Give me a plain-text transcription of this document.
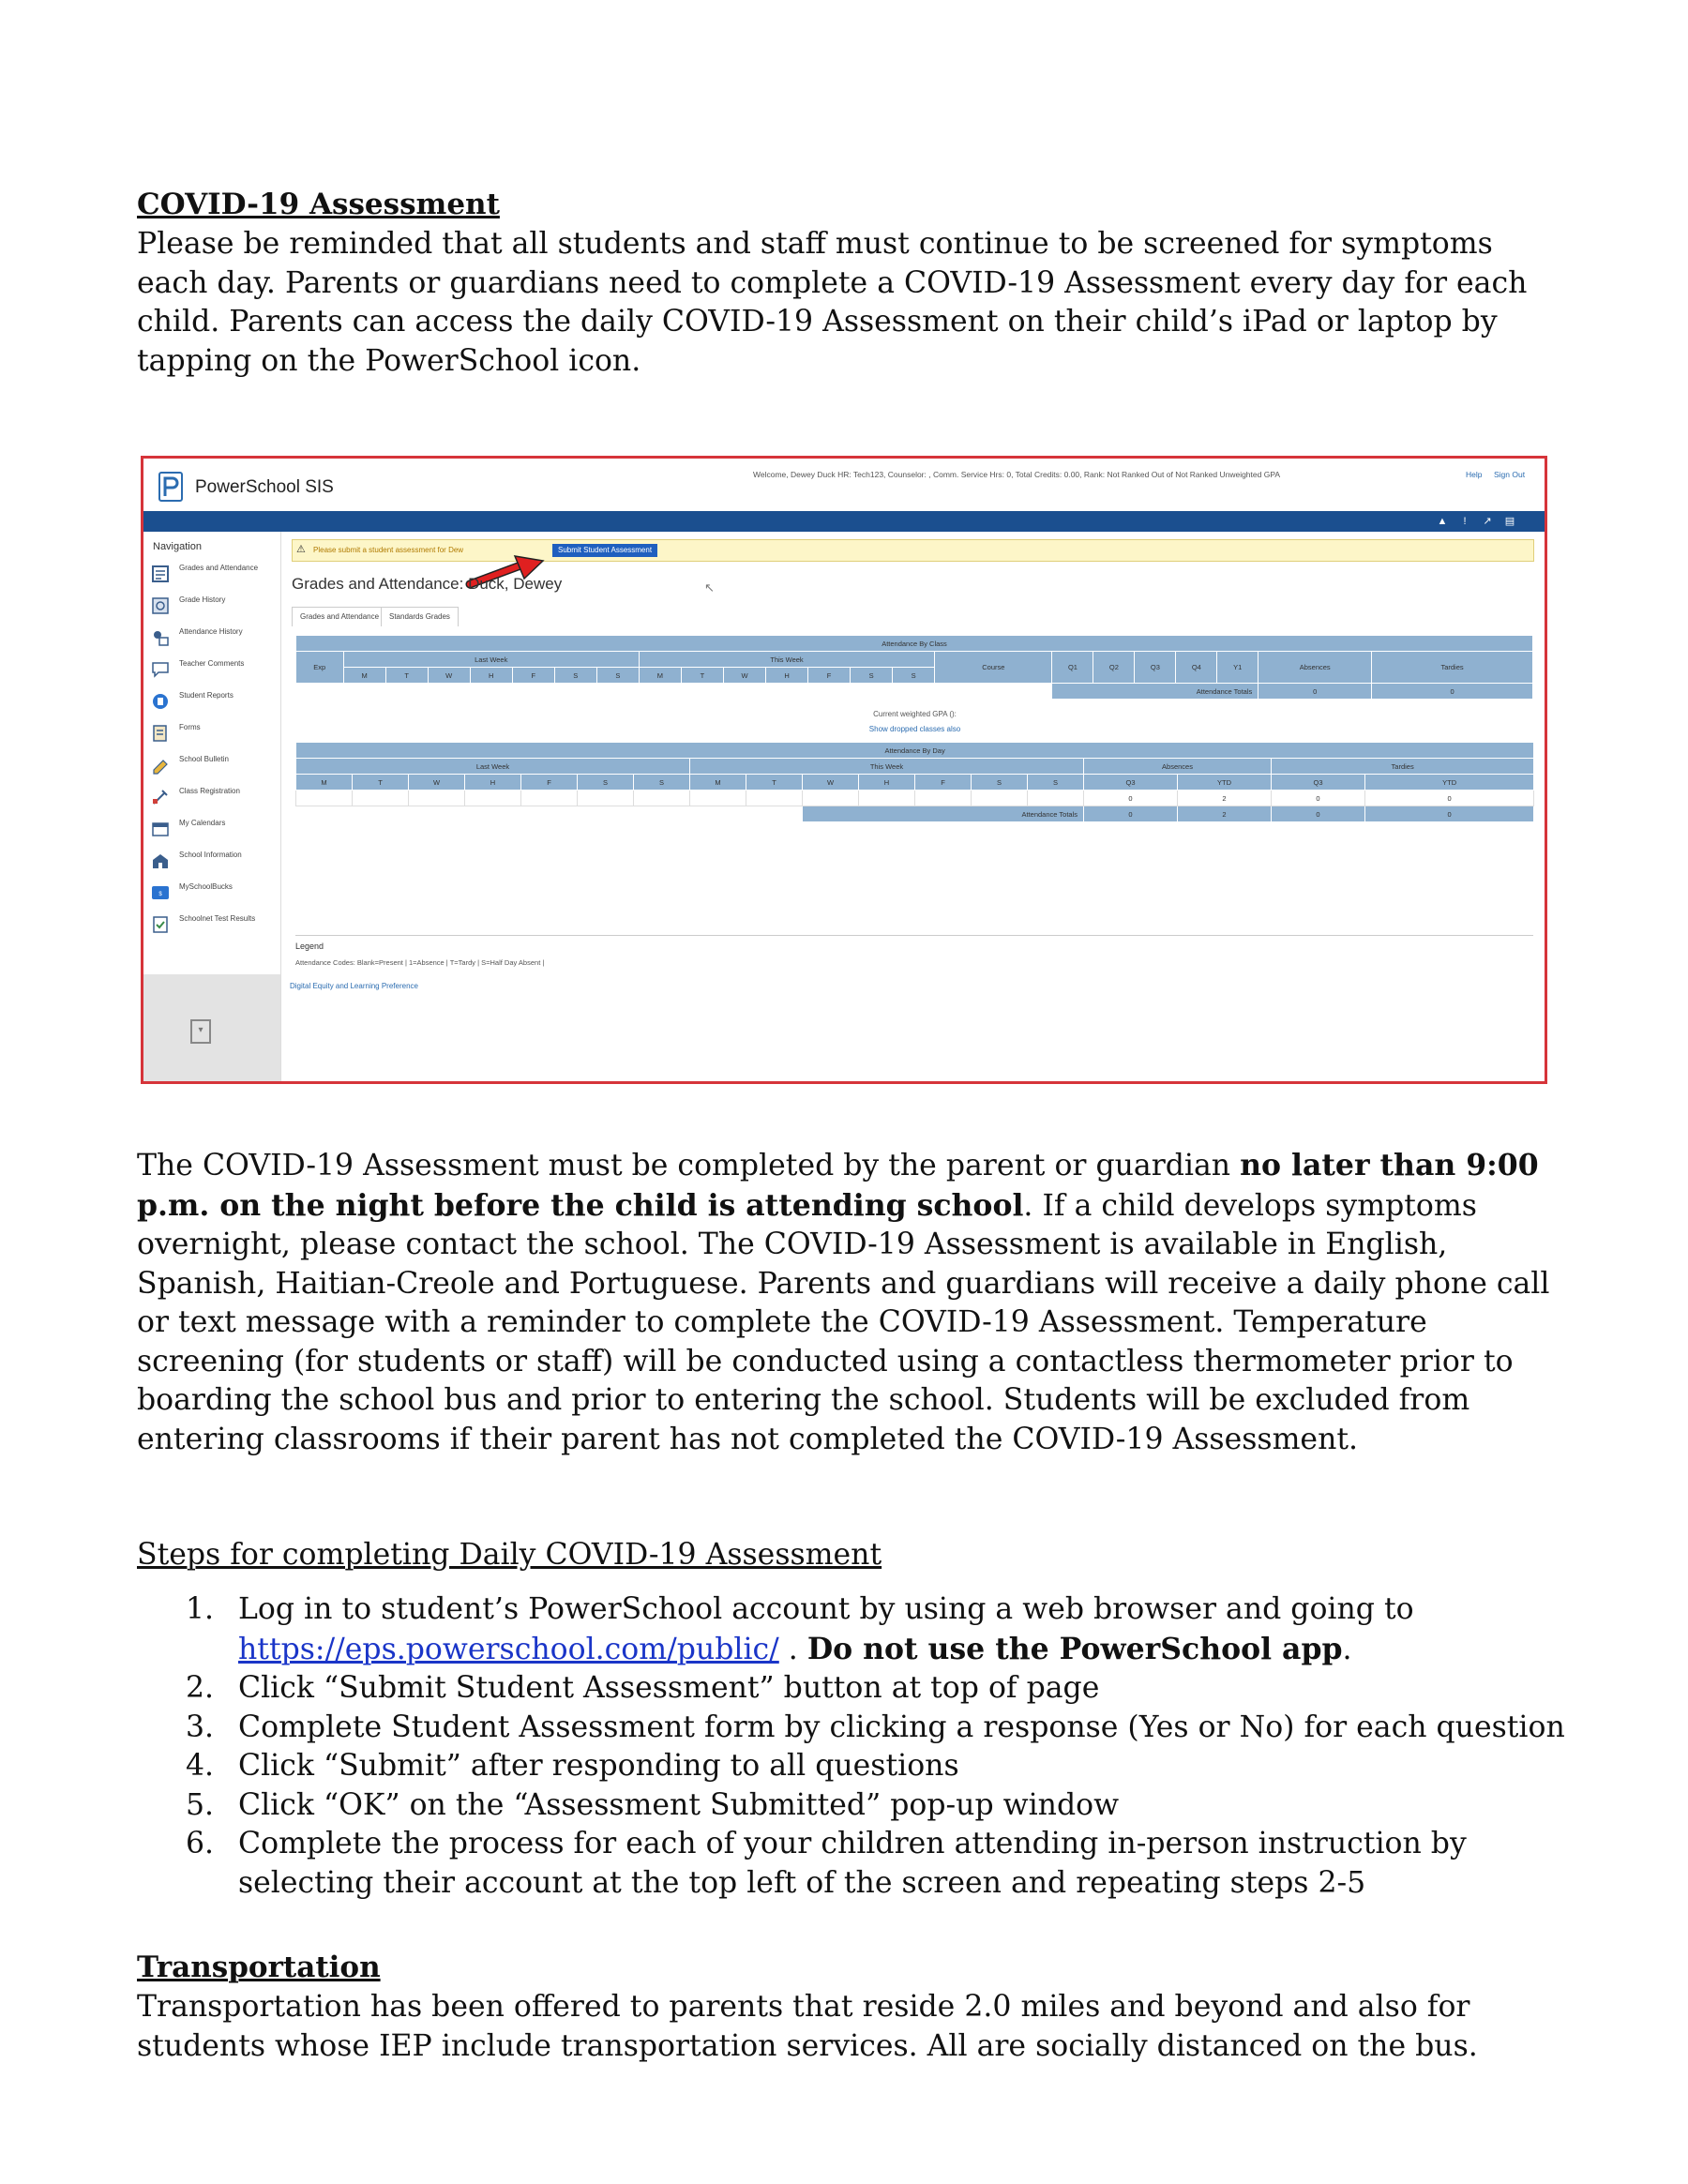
COVID-19 Assessment

Please be reminded that all students and staff must continue to be screened for symptoms each day. Parents or guardians need to complete a COVID-19 Assessment every day for each child. Parents can access the daily COVID-19 Assessment on their child’s iPad or laptop by tapping on the PowerSchool icon.

The COVID-19 Assessment must be completed by the parent or guardian no later than 9:00 p.m. on the night before the child is attending school. If a child develops symptoms overnight, please contact the school. The COVID-19 Assessment is available in English, Spanish, Haitian-Creole and Portuguese. Parents and guardians will receive a daily phone call or text message with a reminder to complete the COVID-19 Assessment. Temperature screening (for students or staff) will be conducted using a contactless thermometer prior to boarding the school bus and prior to entering the school. Students will be excluded from entering classrooms if their parent has not completed the COVID-19 Assessment.

Steps for completing Daily COVID-19 Assessment

1. Log in to student’s PowerSchool account by using a web browser and going to https://eps.powerschool.com/public/ . Do not use the PowerSchool app.
2. Click “Submit Student Assessment” button at top of page
3. Complete Student Assessment form by clicking a response (Yes or No) for each question
4. Click “Submit” after responding to all questions
5. Click “OK” on the “Assessment Submitted” pop-up window
6. Complete the process for each of your children attending in-person instruction by selecting their account at the top left of the screen and repeating steps 2-5
Transportation

Transportation has been offered to parents that reside 2.0 miles and beyond and also for students whose IEP include transportation services. All are socially distanced on the bus.

PowerSchool SIS
Welcome, Dewey Duck HR: Tech123, Counselor: , Comm. Service Hrs: 0, Total Credits: 0.00, Rank: Not Ranked Out of Not Ranked Unweighted GPA	Help Sign Out
▲	!	↗ ▤
Navigation
Grades and Attendance
Grade History
Attendance History
Teacher Comments
Student Reports
Forms
School Bulletin
Class Registration
My Calendars
School Information
$
MySchoolBucks
Schoolnet Test Results
▾
⚠ Please submit a student assessment for Dew	Submit Student Assessment
Grades and Attendance: Duck, Dewey	↖
Grades and Attendance	Standards Grades
Attendance By Class																						
Exp	Last Week							This Week							Course	Q1	Q2	Q3	Q4	Y1	Absences	Tardies
	M	T	W	H	F	S	S	M	T	W	H	F	S	S								
																Attendance Totals					0	0
Current weighted GPA ():
Show dropped classes also
Attendance By Day																	
Last Week							This Week							Absences		Tardies	
M	T	W	H	F	S	S	M	T	W	H	F	S	S	Q3	YTD	Q3	YTD
														0	2	0	0
									Attendance Totals					0	2	0	0
Legend
Attendance Codes: Blank=Present | 1=Absence | T=Tardy | S=Half Day Absent |
Digital Equity and Learning Preference
